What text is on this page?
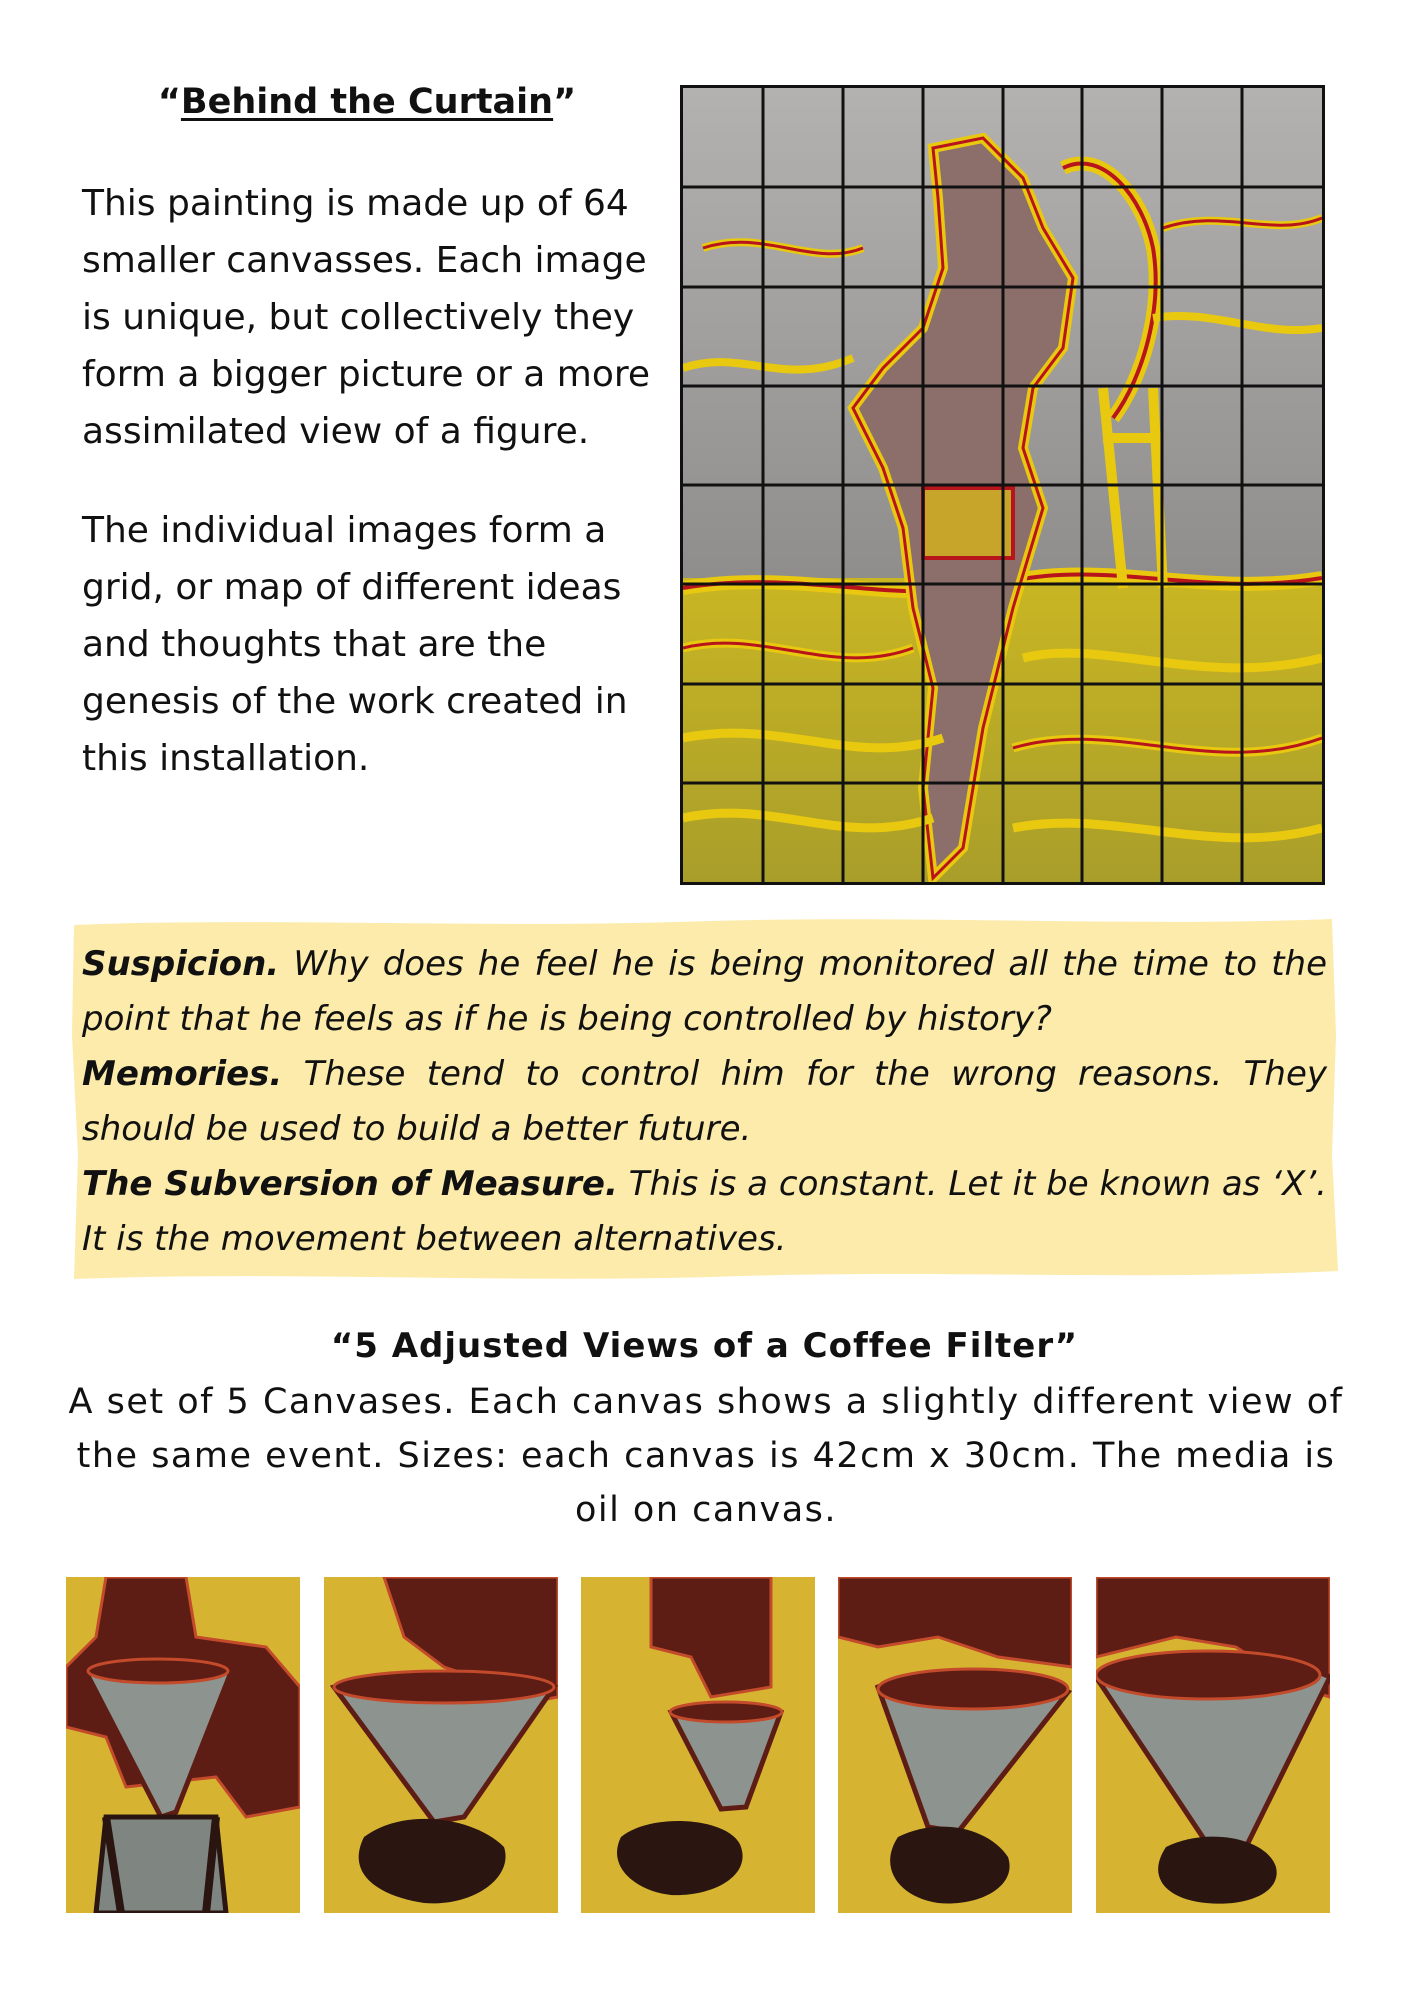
“Behind the Curtain”

This painting is made up of 64 smaller canvasses. Each image is unique, but collectively they form a bigger picture or a more assimilated view of a figure.

The individual images form a grid, or map of different ideas and thoughts that are the genesis of the work created in this installation.

Suspicion. Why does he feel he is being monitored all the time to the point that he feels as if he is being controlled by history?

Memories. These tend to control him for the wrong reasons. They should be used to build a better future.

The Subversion of Measure. This is a constant. Let it be known as ‘X’. It is the movement between alternatives.

“5 Adjusted Views of a Coffee Filter”

A set of 5 Canvases. Each canvas shows a slightly different view of the same event. Sizes: each canvas is 42cm x 30cm. The media is oil on canvas.
